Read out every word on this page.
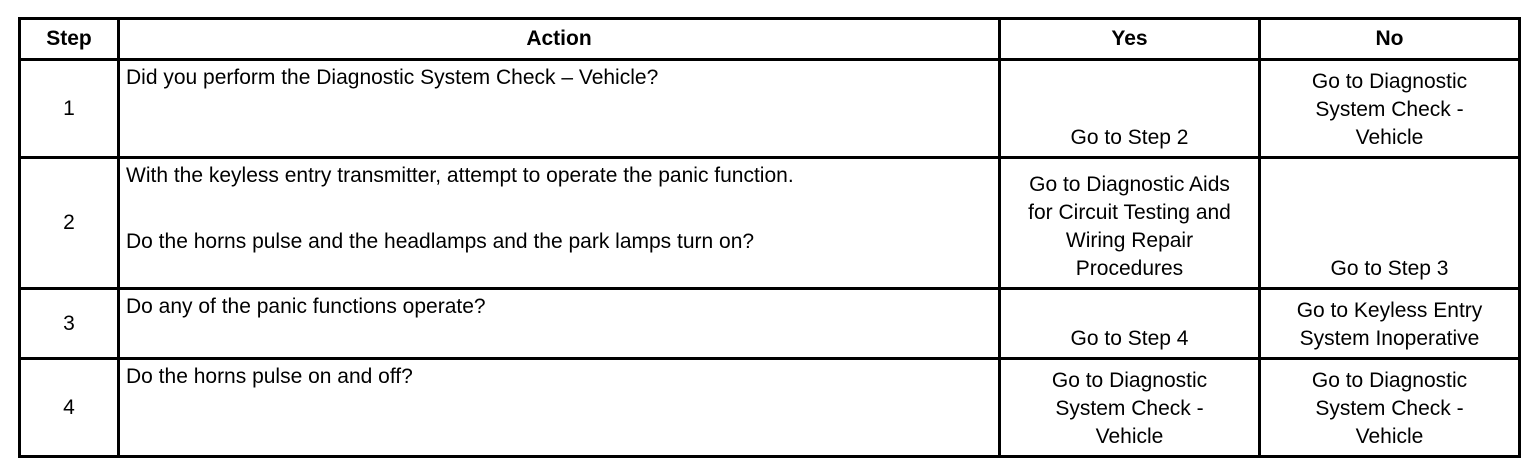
Step	Action	Yes	No
1	Did you perform the Diagnostic System Check – Vehicle?	Go to Step 2	Go to Diagnostic
System Check -
Vehicle

2	With the keyless entry transmitter, attempt to operate the panic function.
Do the horns pulse and the headlamps and the park lamps turn on?	Go to Diagnostic Aids
for Circuit Testing and
Wiring Repair
Procedures	Go to Step 3

3	Do any of the panic functions operate?	Go to Step 4	Go to Keyless Entry
System Inoperative

4	Do the horns pulse on and off?	Go to Diagnostic
System Check -
Vehicle	Go to Diagnostic
System Check -
Vehicle
